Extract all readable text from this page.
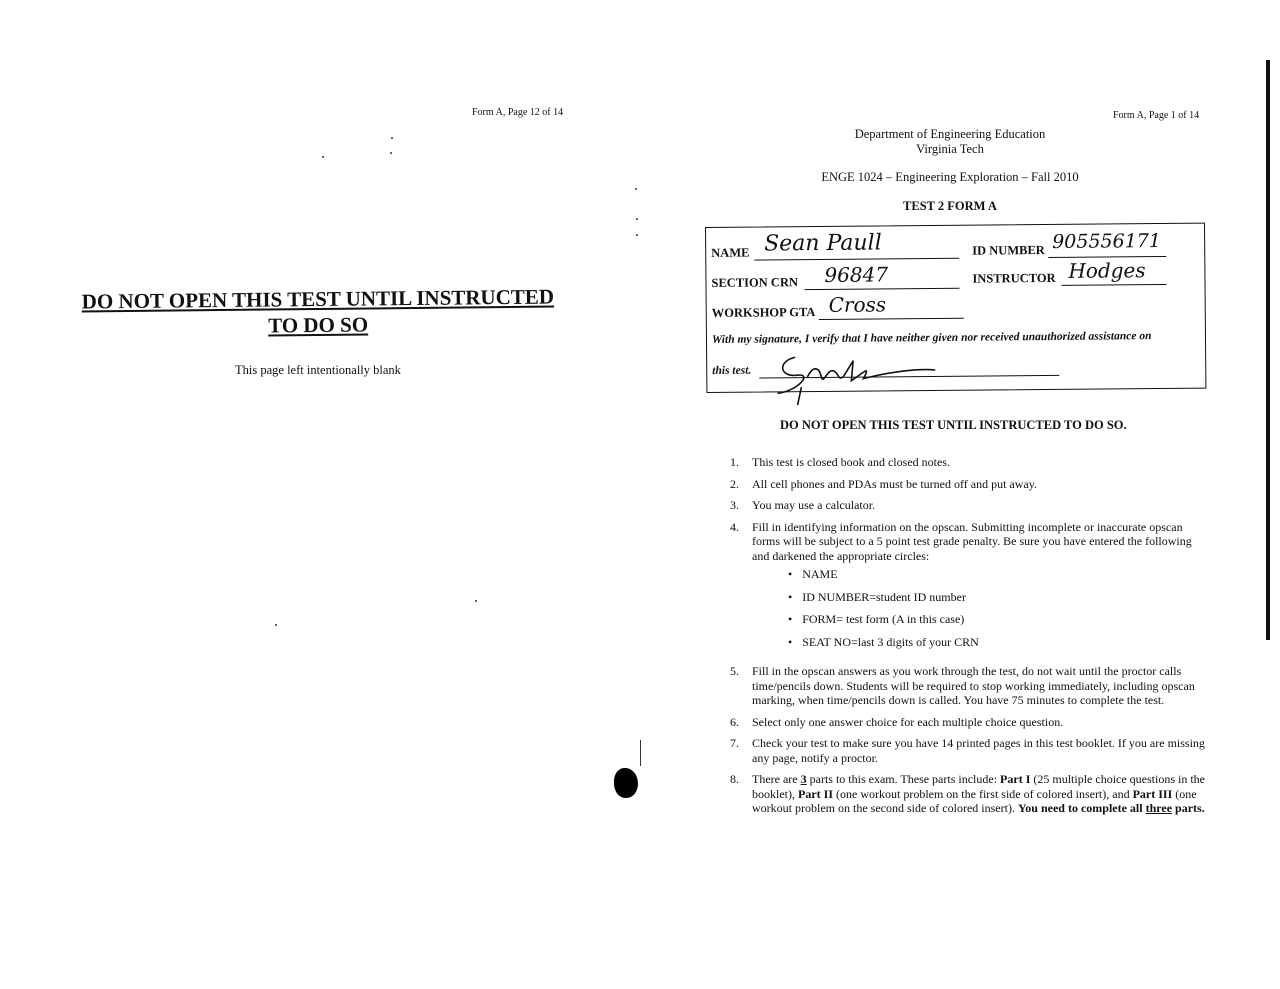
Form A, Page 12 of 14
DO NOT OPEN THIS TEST UNTIL INSTRUCTED
TO DO SO
This page left intentionally blank
Form A, Page 1 of 14
Department of Engineering Education
Virginia Tech
ENGE 1024 – Engineering Exploration – Fall 2010
TEST 2 FORM A
NAME Sean Paull	ID NUMBER 905556171
SECTION CRN 96847	INSTRUCTOR Hodges
WORKSHOP GTA Cross
With my signature, I verify that I have neither given nor received unauthorized assistance on
this test.
DO NOT OPEN THIS TEST UNTIL INSTRUCTED TO DO SO.
1.	This test is closed book and closed notes.
2.	All cell phones and PDAs must be turned off and put away.
3.	You may use a calculator.
4.	Fill in identifying information on the opscan. Submitting incomplete or inaccurate opscan forms will be subject to a 5 point test grade penalty. Be sure you have entered the following and darkened the appropriate circles:
• NAME
• ID NUMBER=student ID number
• FORM= test form (A in this case)
• SEAT NO=last 3 digits of your CRN
5.	Fill in the opscan answers as you work through the test, do not wait until the proctor calls time/pencils down. Students will be required to stop working immediately, including opscan marking, when time/pencils down is called. You have 75 minutes to complete the test.
6.	Select only one answer choice for each multiple choice question.
7.	Check your test to make sure you have 14 printed pages in this test booklet. If you are missing any page, notify a proctor.
8.	There are 3 parts to this exam. These parts include: Part I (25 multiple choice questions in the booklet), Part II (one workout problem on the first side of colored insert), and Part III (one workout problem on the second side of colored insert). You need to complete all three parts.
